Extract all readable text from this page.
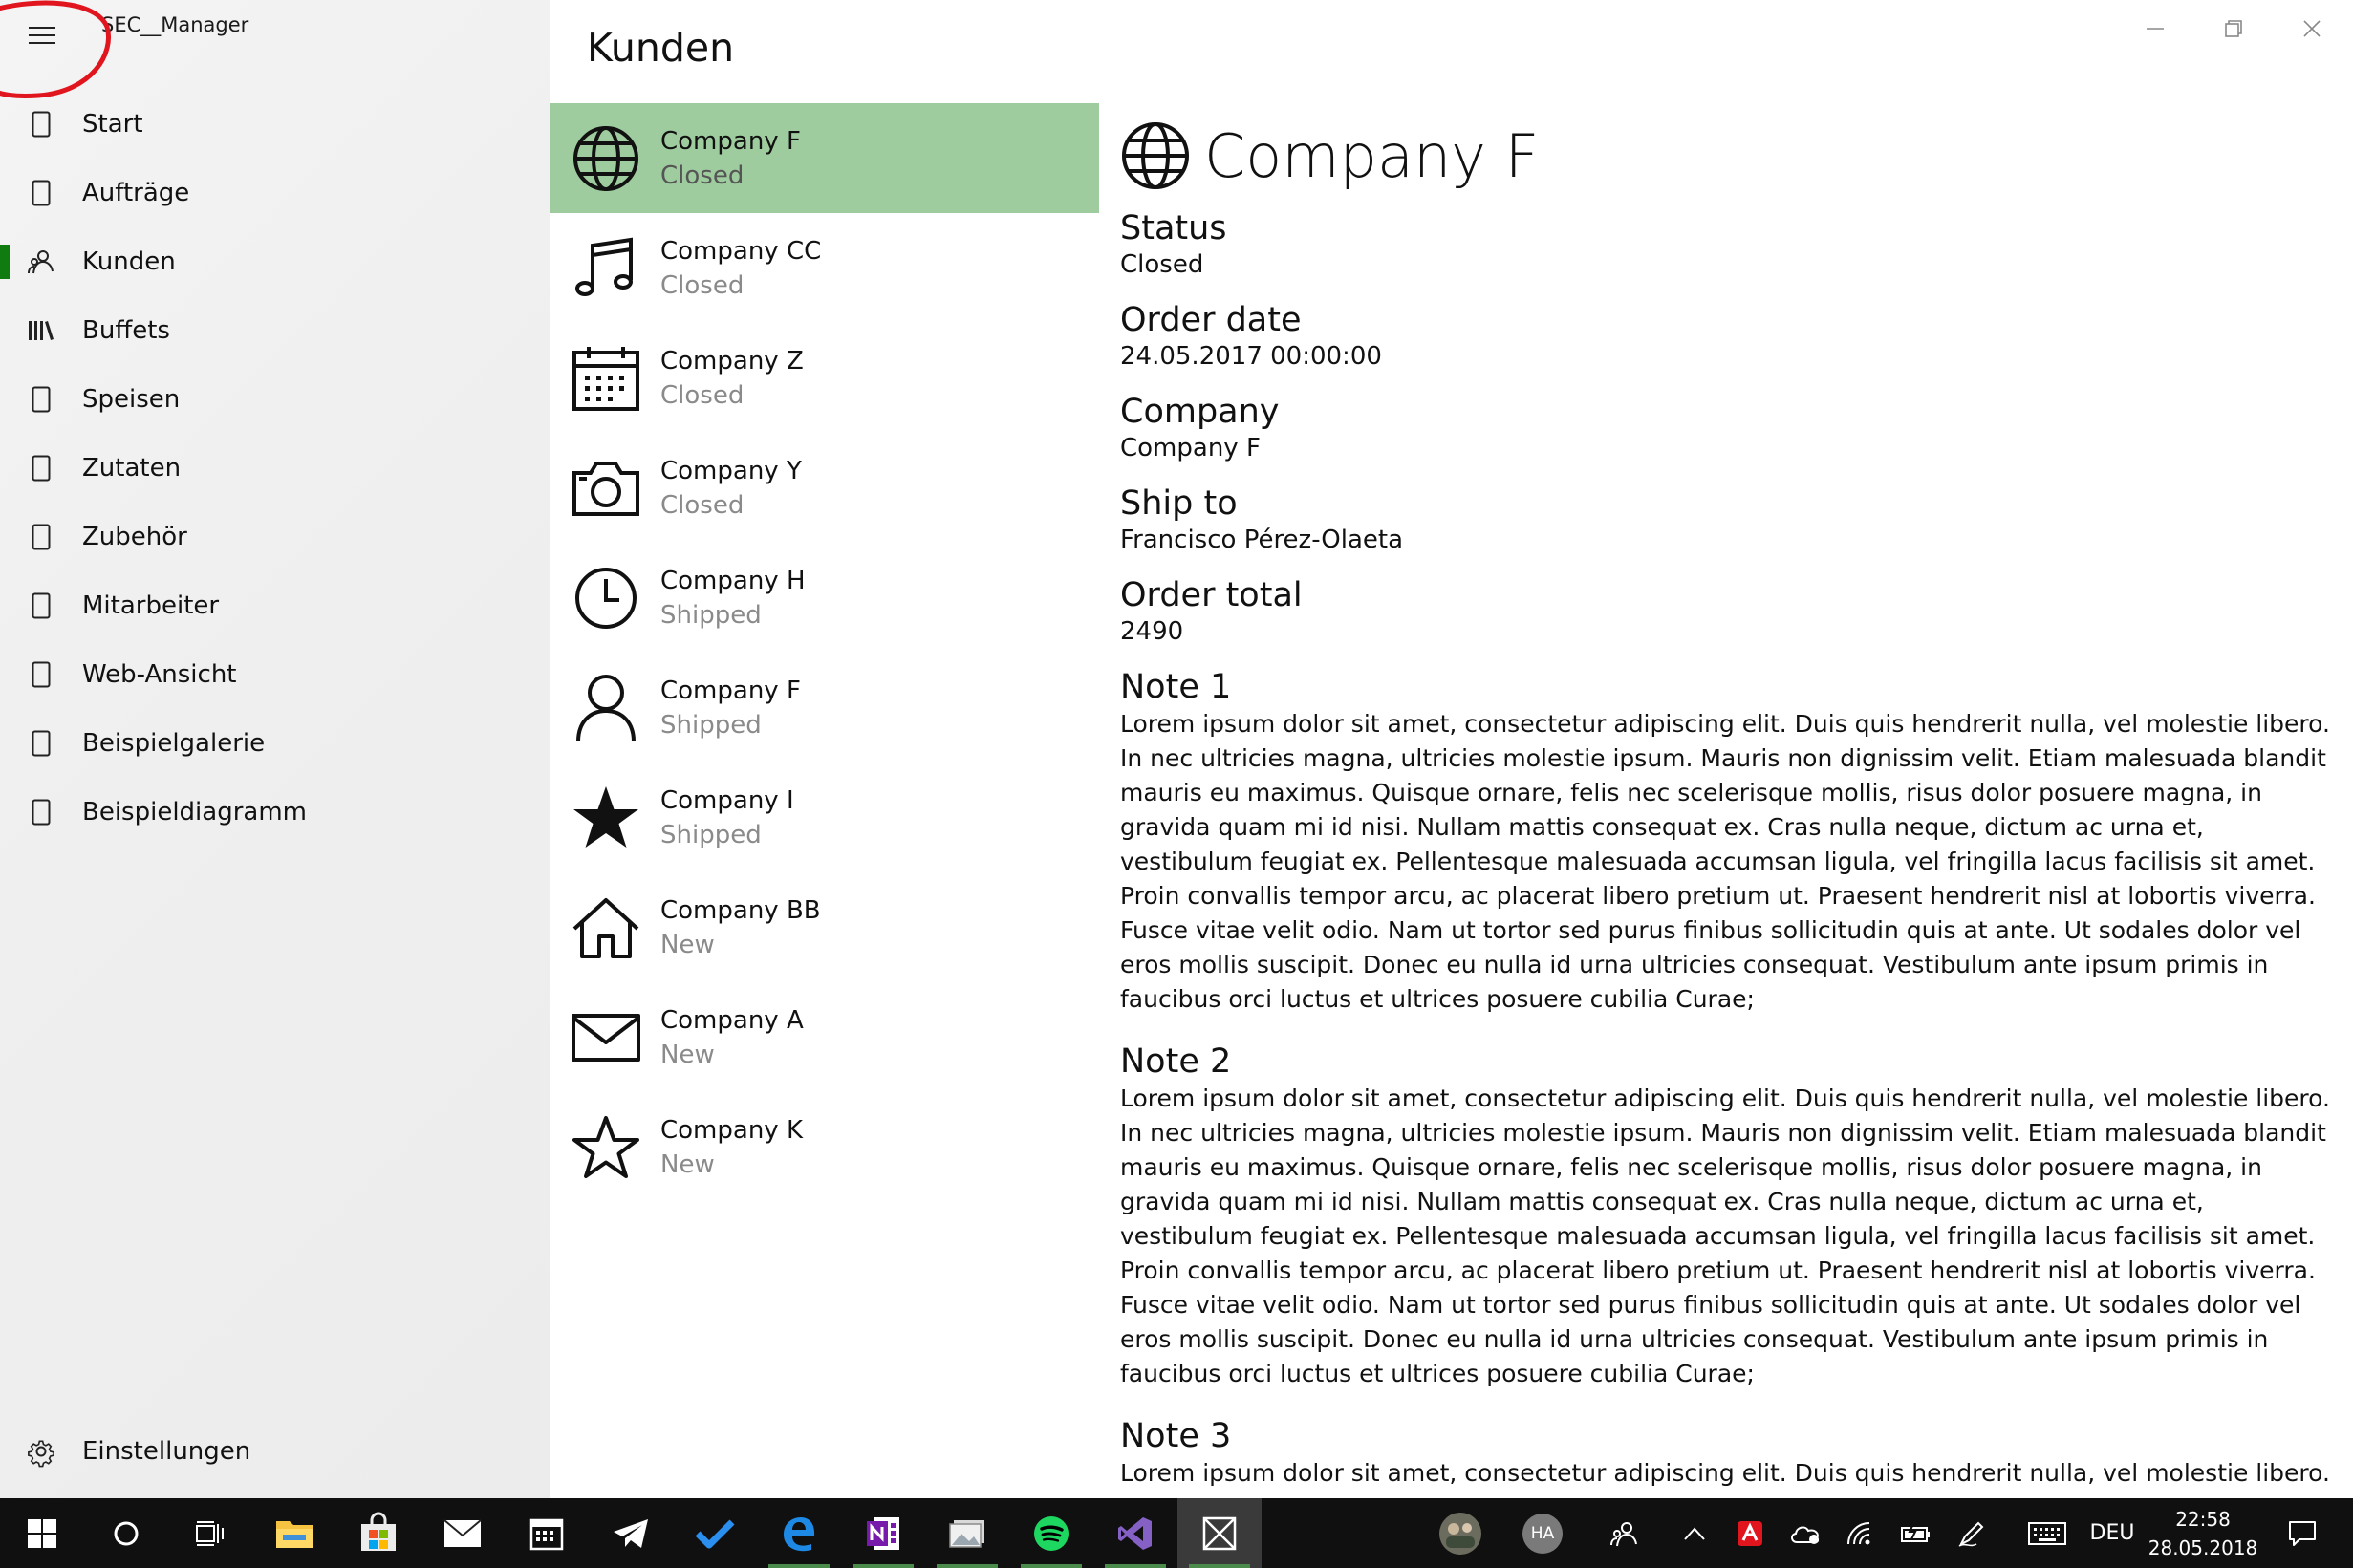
SEC__Manager
Start
Aufträge
Kunden
Buffets
Speisen
Zutaten
Zubehör
Mitarbeiter
Web-Ansicht
Beispielgalerie
Beispieldiagramm
Einstellungen
Kunden
Company F
Closed
Company CC
Closed
Company Z
Closed
Company Y
Closed
Company H
Shipped
Company F
Shipped
Company I
Shipped
Company BB
New
Company A
New
Company K
New
Company F
Status
Closed
Order date
24.05.2017 00:00:00
Company
Company F
Ship to
Francisco Pérez-Olaeta
Order total
2490
Note 1
Lorem ipsum dolor sit amet, consectetur adipiscing elit. Duis quis hendrerit nulla, vel molestie libero. In nec ultricies magna, ultricies molestie ipsum. Mauris non dignissim velit. Etiam malesuada blandit mauris eu maximus. Quisque ornare, felis nec scelerisque mollis, risus dolor posuere magna, in gravida quam mi id nisi. Nullam mattis consequat ex. Cras nulla neque, dictum ac urna et, vestibulum feugiat ex. Pellentesque malesuada accumsan ligula, vel fringilla lacus facilisis sit amet. Proin convallis tempor arcu, ac placerat libero pretium ut. Praesent hendrerit nisl at lobortis viverra. Fusce vitae velit odio. Nam ut tortor sed purus finibus sollicitudin quis at ante. Ut sodales dolor vel eros mollis suscipit. Donec eu nulla id urna ultricies consequat. Vestibulum ante ipsum primis in faucibus orci luctus et ultrices posuere cubilia Curae;
Note 2
Lorem ipsum dolor sit amet, consectetur adipiscing elit. Duis quis hendrerit nulla, vel molestie libero. In nec ultricies magna, ultricies molestie ipsum. Mauris non dignissim velit. Etiam malesuada blandit mauris eu maximus. Quisque ornare, felis nec scelerisque mollis, risus dolor posuere magna, in gravida quam mi id nisi. Nullam mattis consequat ex. Cras nulla neque, dictum ac urna et, vestibulum feugiat ex. Pellentesque malesuada accumsan ligula, vel fringilla lacus facilisis sit amet. Proin convallis tempor arcu, ac placerat libero pretium ut. Praesent hendrerit nisl at lobortis viverra. Fusce vitae velit odio. Nam ut tortor sed purus finibus sollicitudin quis at ante. Ut sodales dolor vel eros mollis suscipit. Donec eu nulla id urna ultricies consequat. Vestibulum ante ipsum primis in faucibus orci luctus et ultrices posuere cubilia Curae;
Note 3
Lorem ipsum dolor sit amet, consectetur adipiscing elit. Duis quis hendrerit nulla, vel molestie libero.
HA	DEU
22:58
28.05.2018
